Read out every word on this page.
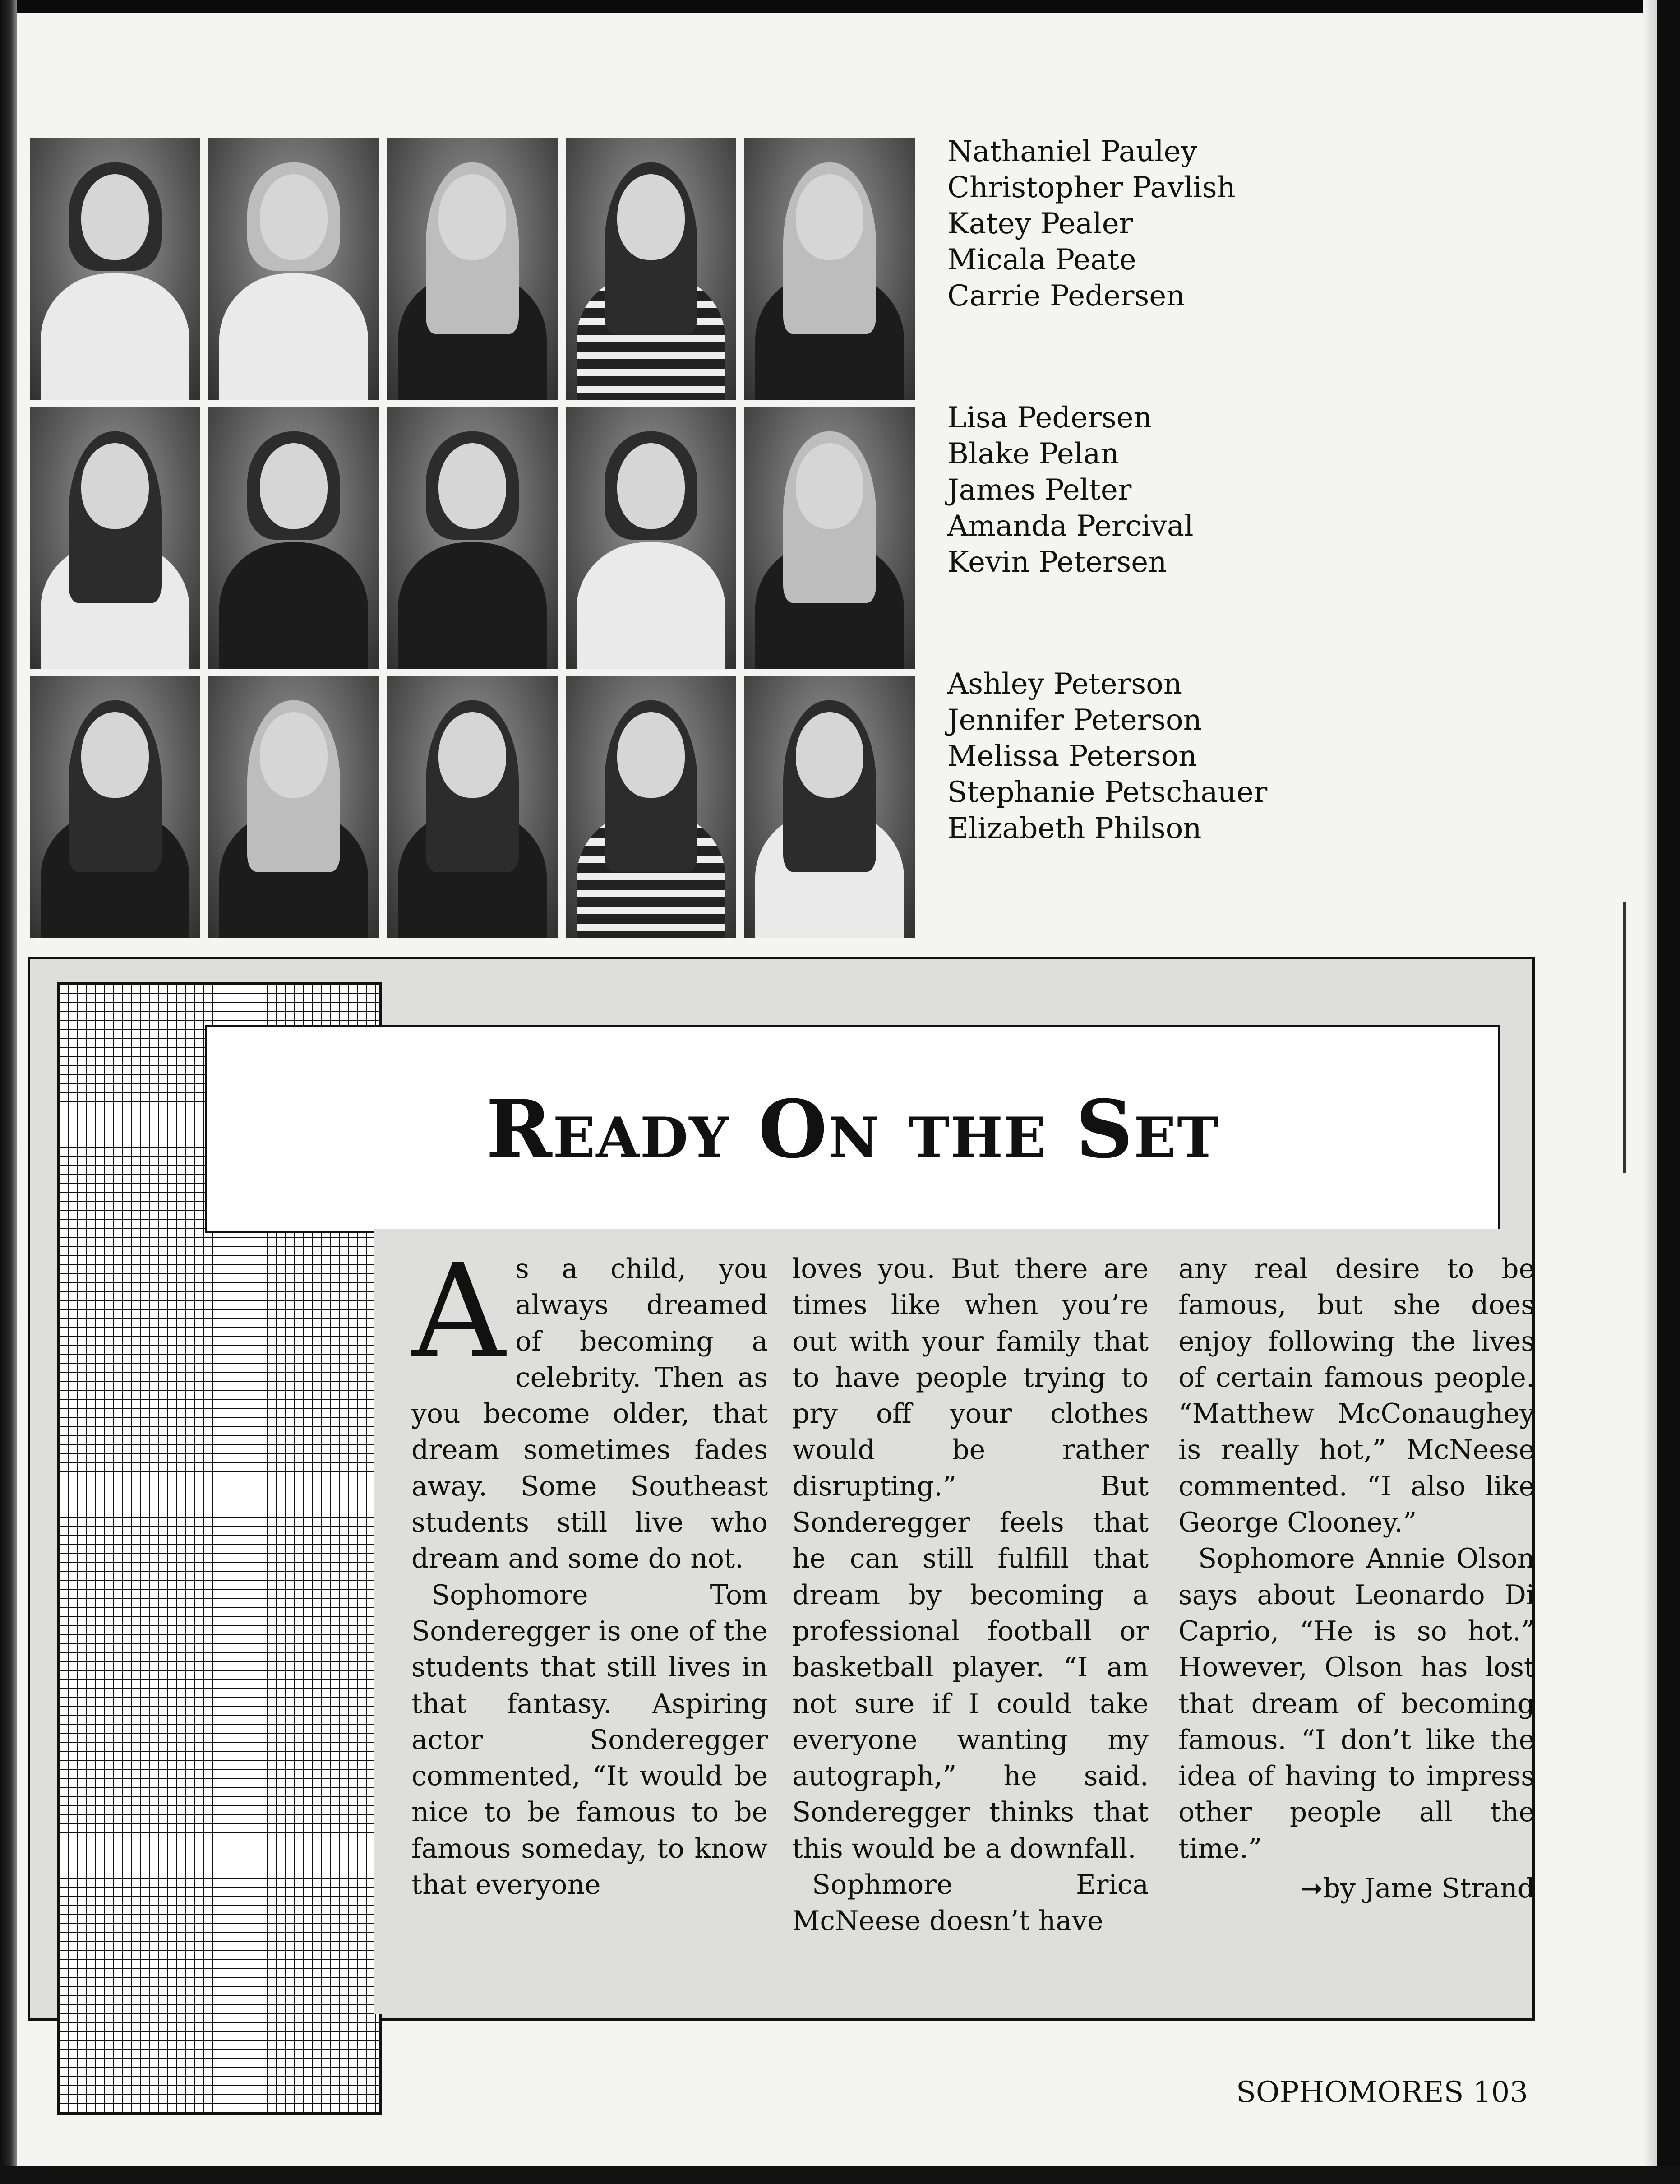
Nathaniel Pauley
Christopher Pavlish
Katey Pealer
Micala Peate
Carrie Pedersen
Lisa Pedersen
Blake Pelan
James Pelter
Amanda Percival
Kevin Petersen
Ashley Peterson
Jennifer Peterson
Melissa Peterson
Stephanie Petschauer
Elizabeth Philson
Ready On the Set
A s a child, you always dreamed of becoming a celebrity. Then as you become older, that dream sometimes fades away. Some Southeast students still live who dream and some do not.

Sophomore Tom Sonderegger is one of the students that still lives in that fantasy. Aspiring actor Sonderegger commented, “It would be nice to be famous to be famous someday, to know that everyone

loves you. But there are times like when you’re out with your family that to have people trying to pry off your clothes would be rather disrupting.” But Sonderegger feels that he can still fulfill that dream by becoming a professional football or basketball player. “I am not sure if I could take everyone wanting my autograph,” he said. Sonderegger thinks that this would be a downfall.

Sophmore Erica McNeese doesn’t have

any real desire to be famous, but she does enjoy following the lives of certain famous people. “Matthew McConaughey is really hot,” McNeese commented. “I also like George Clooney.”

Sophomore Annie Olson says about Leonardo Di Caprio, “He is so hot.” However, Olson has lost that dream of becoming famous. “I don’t like the idea of having to impress other people all the time.”

➞by Jame Strand

SOPHOMORES 103
